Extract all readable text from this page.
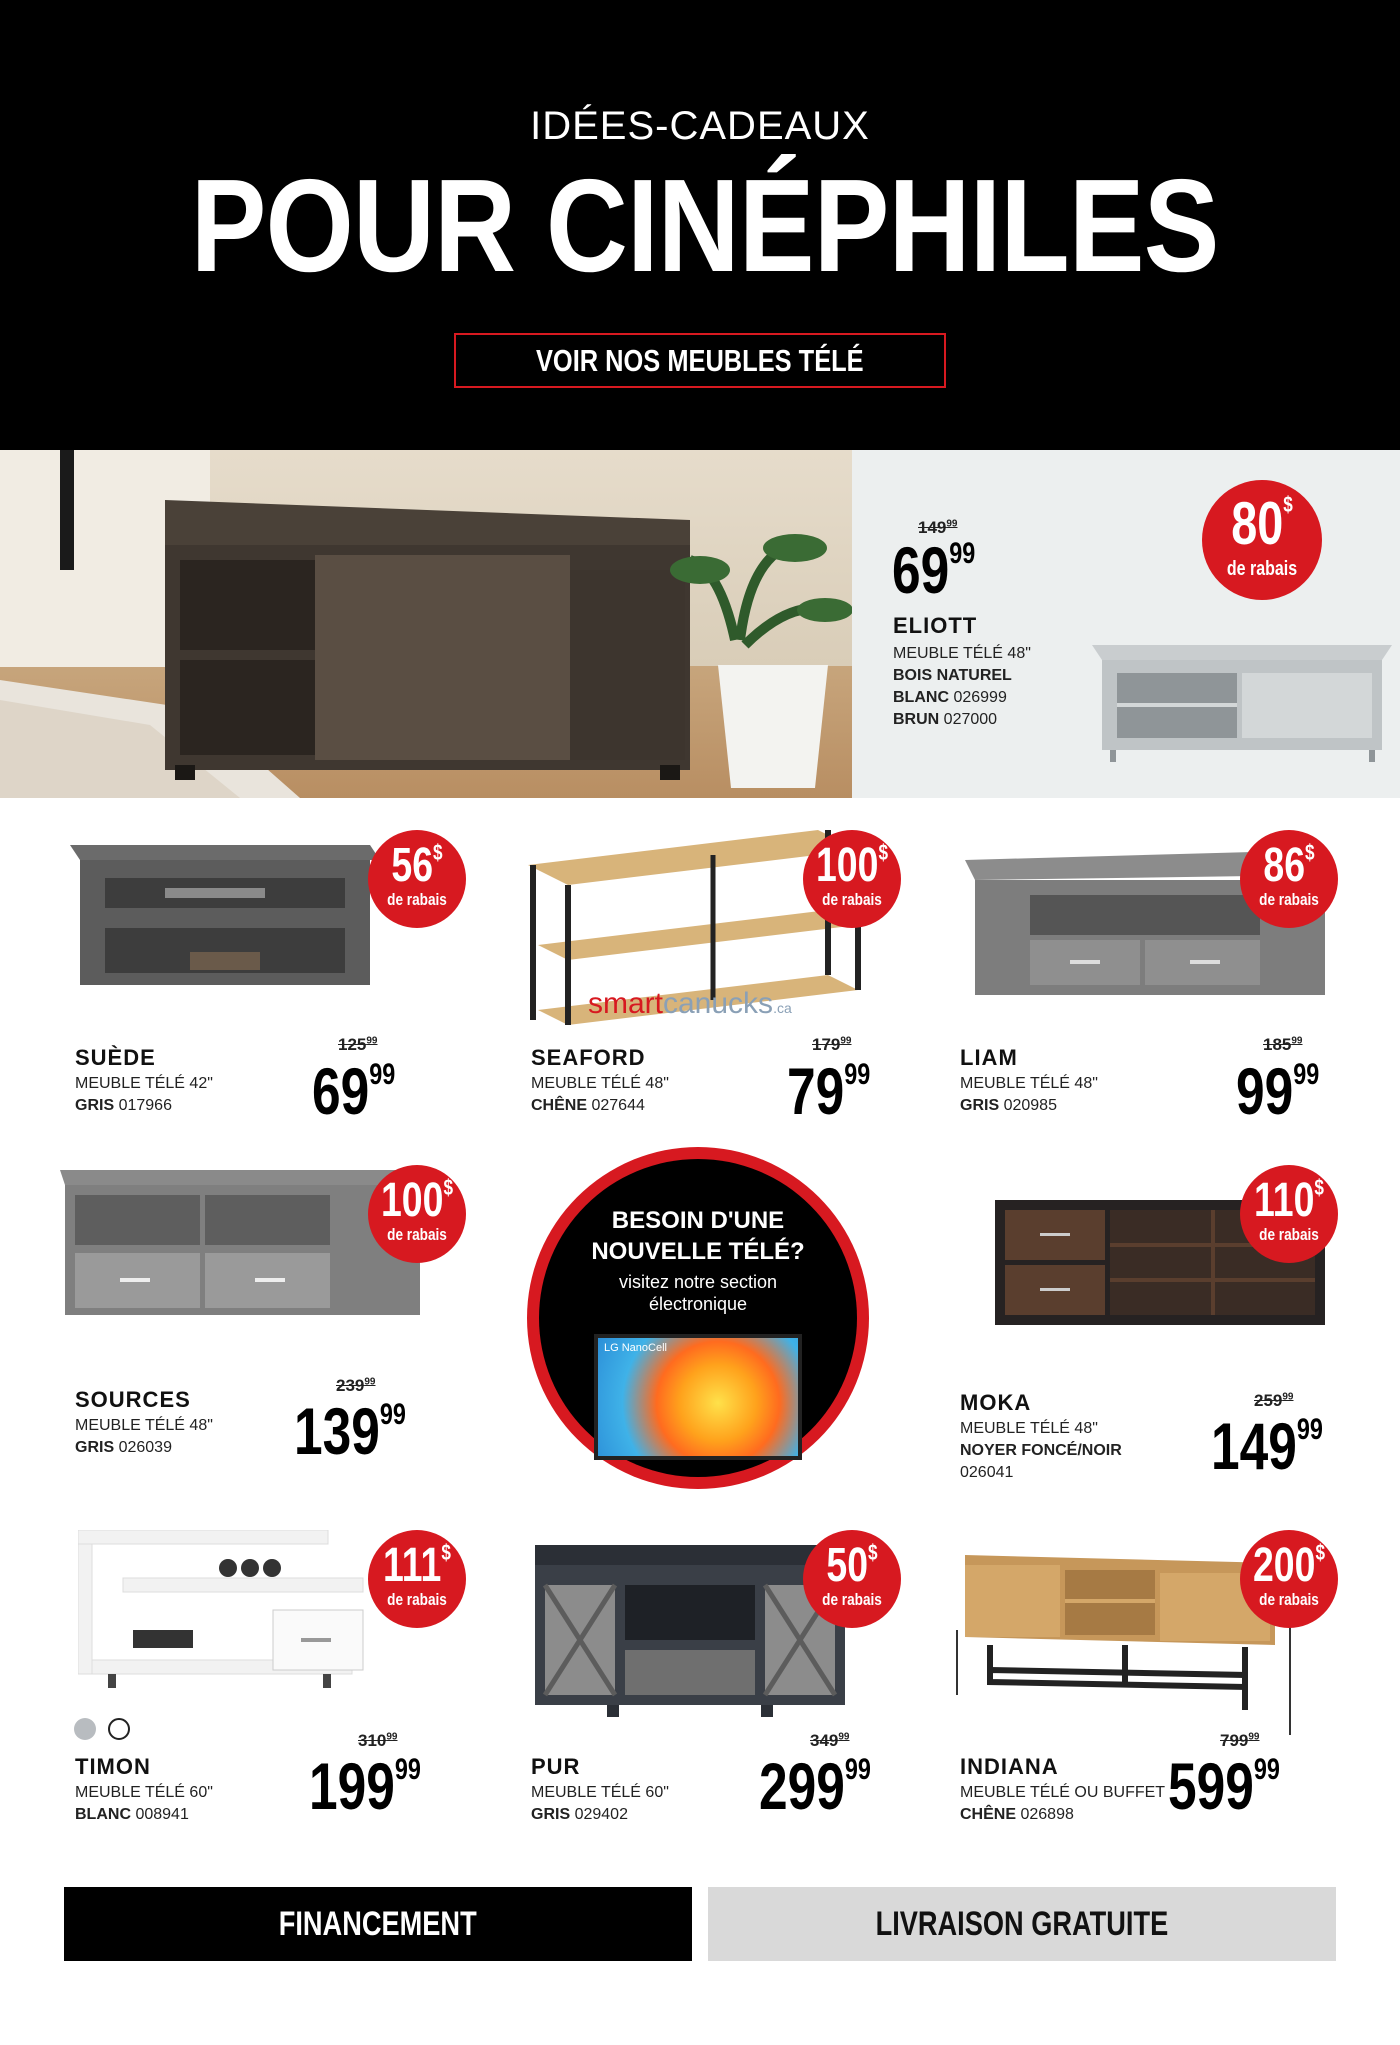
IDÉES-CADEAUX
POUR CINÉPHILES
VOIR NOS MEUBLES TÉLÉ
$149^{99}$
$69^{99}$
ELIOTT
MEUBLE TÉLÉ 48"
BOIS NATUREL
BLANC 026999
BRUN 027000
80$
de rabais
56$
de rabais
SUÈDE
MEUBLE TÉLÉ 42"
GRIS 017966
$125^{99}$
$69^{99}$
100$
de rabais
smartcanucks.ca
SEAFORD
MEUBLE TÉLÉ 48"
CHÊNE 027644
$179^{99}$
$79^{99}$
86$
de rabais
LIAM
MEUBLE TÉLÉ 48"
GRIS 020985
$185^{99}$
$99^{99}$
100$
de rabais
SOURCES
MEUBLE TÉLÉ 48"
GRIS 026039
$239^{99}$
$139^{99}$
BESOIN D'UNE
NOUVELLE TÉLÉ?
visitez notre section
électronique
LG NanoCell
110$
de rabais
MOKA
MEUBLE TÉLÉ 48"
NOYER FONCÉ/NOIR
026041
$259^{99}$
$149^{99}$
111$
de rabais
TIMON
MEUBLE TÉLÉ 60"
BLANC 008941
$310^{99}$
$199^{99}$
50$
de rabais
PUR
MEUBLE TÉLÉ 60"
GRIS 029402
$349^{99}$
$299^{99}$
200$
de rabais
INDIANA
MEUBLE TÉLÉ OU BUFFET
CHÊNE 026898
$799^{99}$
$599^{99}$
FINANCEMENT	LIVRAISON GRATUITE
